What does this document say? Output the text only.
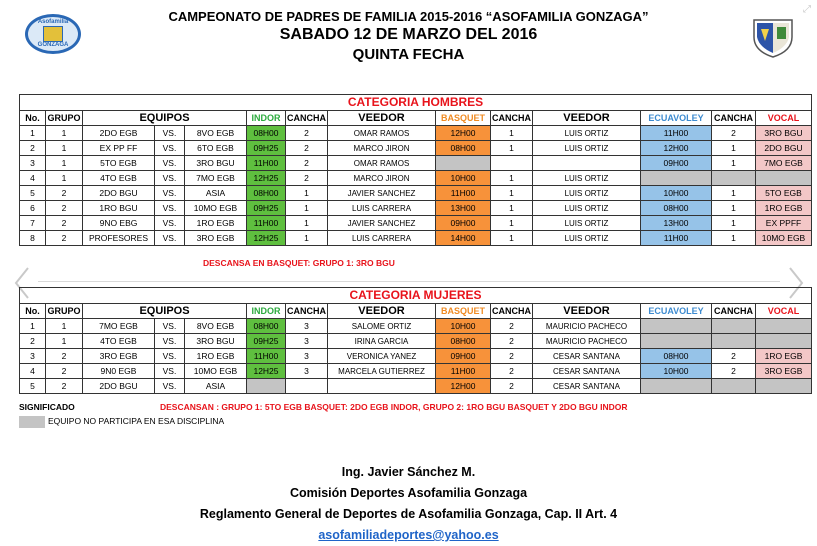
Asofamilia
GONZAGA
⤢
CAMPEONATO DE PADRES DE FAMILIA 2015-2016 “ASOFAMILIA GONZAGA”
SABADO 12 DE MARZO DEL 2016
QUINTA FECHA
CATEGORIA HOMBRES													
No.	GRUPO	EQUIPOS			INDOR	CANCHA	VEEDOR	BASQUET	CANCHA	VEEDOR	ECUAVOLEY	CANCHA	VOCAL
1	1	2DO EGB	VS.	8VO EGB	08H00	2	OMAR RAMOS	12H00	1	LUIS ORTIZ	11H00	2	3RO BGU
2	1	EX PP FF	VS.	6TO EGB	09H25	2	MARCO JIRON	08H00	1	LUIS ORTIZ	12H00	1	2DO BGU
3	1	5TO EGB	VS.	3RO BGU	11H00	2	OMAR RAMOS				09H00	1	7MO EGB
4	1	4TO EGB	VS.	7MO EGB	12H25	2	MARCO JIRON	10H00	1	LUIS ORTIZ			
5	2	2DO BGU	VS.	ASIA	08H00	1	JAVIER SANCHEZ	11H00	1	LUIS ORTIZ	10H00	1	5TO EGB
6	2	1RO BGU	VS.	10MO EGB	09H25	1	LUIS CARRERA	13H00	1	LUIS ORTIZ	08H00	1	1RO EGB
7	2	9NO EBG	VS.	1RO EGB	11H00	1	JAVIER SANCHEZ	09H00	1	LUIS ORTIZ	13H00	1	EX PPFF
8	2	PROFESORES	VS.	3RO EGB	12H25	1	LUIS CARRERA	14H00	1	LUIS ORTIZ	11H00	1	10MO EGB
DESCANSA EN BASQUET: GRUPO 1: 3RO BGU
CATEGORIA MUJERES													
No.	GRUPO	EQUIPOS			INDOR	CANCHA	VEEDOR	BASQUET	CANCHA	VEEDOR	ECUAVOLEY	CANCHA	VOCAL
1	1	7MO EGB	VS.	8VO EGB	08H00	3	SALOME ORTIZ	10H00	2	MAURICIO PACHECO			
2	1	4TO EGB	VS.	3RO BGU	09H25	3	IRINA GARCIA	08H00	2	MAURICIO PACHECO			
3	2	3RO EGB	VS.	1RO EGB	11H00	3	VERONICA YANEZ	09H00	2	CESAR SANTANA	08H00	2	1RO EGB
4	2	9N0 EGB	VS.	10MO EGB	12H25	3	MARCELA GUTIERREZ	11H00	2	CESAR SANTANA	10H00	2	3RO EGB
5	2	2DO BGU	VS.	ASIA				12H00	2	CESAR SANTANA			
SIGNIFICADO	DESCANSAN : GRUPO 1: 5TO EGB BASQUET: 2DO EGB INDOR, GRUPO 2: 1RO BGU BASQUET Y 2DO BGU INDOR
EQUIPO NO PARTICIPA EN ESA DISCIPLINA
Ing. Javier Sánchez M.
Comisión Deportes Asofamilia Gonzaga
Reglamento General de Deportes de Asofamilia Gonzaga, Cap. II Art. 4
asofamiliadeportes@yahoo.es
